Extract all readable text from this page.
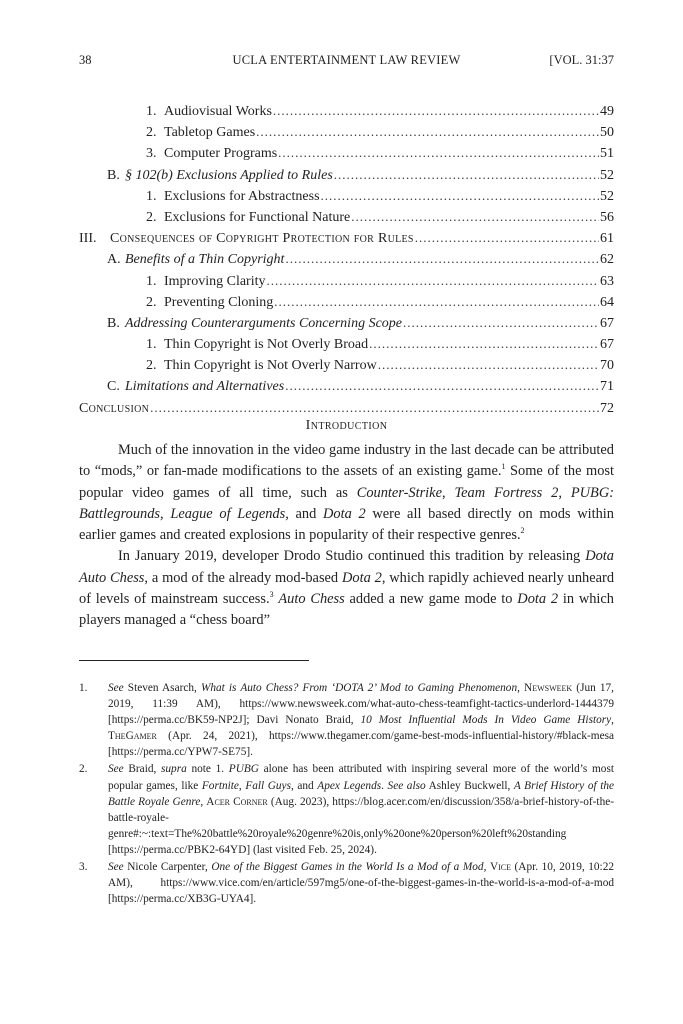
38	UCLA ENTERTAINMENT LAW REVIEW	[VOL. 31:37
1. Audiovisual Works .....	49
2. Tabletop Games .....	50
3. Computer Programs .....	51
B. § 102(b) Exclusions Applied to Rules .....	52
1. Exclusions for Abstractness .....	52
2. Exclusions for Functional Nature .....	56
III. Consequences of Copyright Protection for Rules .....	61
A. Benefits of a Thin Copyright .....	62
1. Improving Clarity .....	63
2. Preventing Cloning .....	64
B. Addressing Counterarguments Concerning Scope .....	67
1. Thin Copyright is Not Overly Broad .....	67
2. Thin Copyright is Not Overly Narrow .....	70
C. Limitations and Alternatives .....	71
Conclusion .....	72
Introduction

Much of the innovation in the video game industry in the last decade can be attributed to “mods,” or fan-made modifications to the assets of an existing game.$^1$ Some of the most popular video games of all time, such as Counter-Strike, Team Fortress 2, PUBG: Battlegrounds, League of Legends, and Dota 2 were all based directly on mods within earlier games and created explosions in popularity of their respective genres.$^2$

In January 2019, developer Drodo Studio continued this tradition by releasing Dota Auto Chess, a mod of the already mod-based Dota 2, which rapidly achieved nearly unheard of levels of mainstream success.$^3$ Auto Chess added a new game mode to Dota 2 in which players managed a “chess board”

1.	See Steven Asarch, What is Auto Chess? From ‘DOTA 2’ Mod to Gaming Phenomenon, Newsweek (Jun 17, 2019, 11:39 AM), https://www.newsweek.com/what-auto-chess-teamfight-tactics-underlord-1444379 [https://perma.cc/BK59-NP2J]; Davi Nonato Braid, 10 Most Influential Mods In Video Game History, TheGamer (Apr. 24, 2021), https://www.thegamer.com/game-best-mods-influential-history/#black-mesa [https://perma.cc/YPW7-SE75].
2.	See Braid, supra note 1. PUBG alone has been attributed with inspiring several more of the world’s most popular games, like Fortnite, Fall Guys, and Apex Legends. See also Ashley Buckwell, A Brief History of the Battle Royale Genre, Acer Corner (Aug. 2023), https://blog.acer.com/en/discussion/358/a-brief-history-of-the-battle-royale-genre#:~:text=The%20battle%20royale%20genre%20is,only%20one%20person%20left%20standing [https://perma.cc/PBK2-64YD] (last visited Feb. 25, 2024).
3.	See Nicole Carpenter, One of the Biggest Games in the World Is a Mod of a Mod, Vice (Apr. 10, 2019, 10:22 AM), https://www.vice.com/en/article/597mg5/one-of-the-biggest-games-in-the-world-is-a-mod-of-a-mod [https://perma.cc/XB3G-UYA4].
